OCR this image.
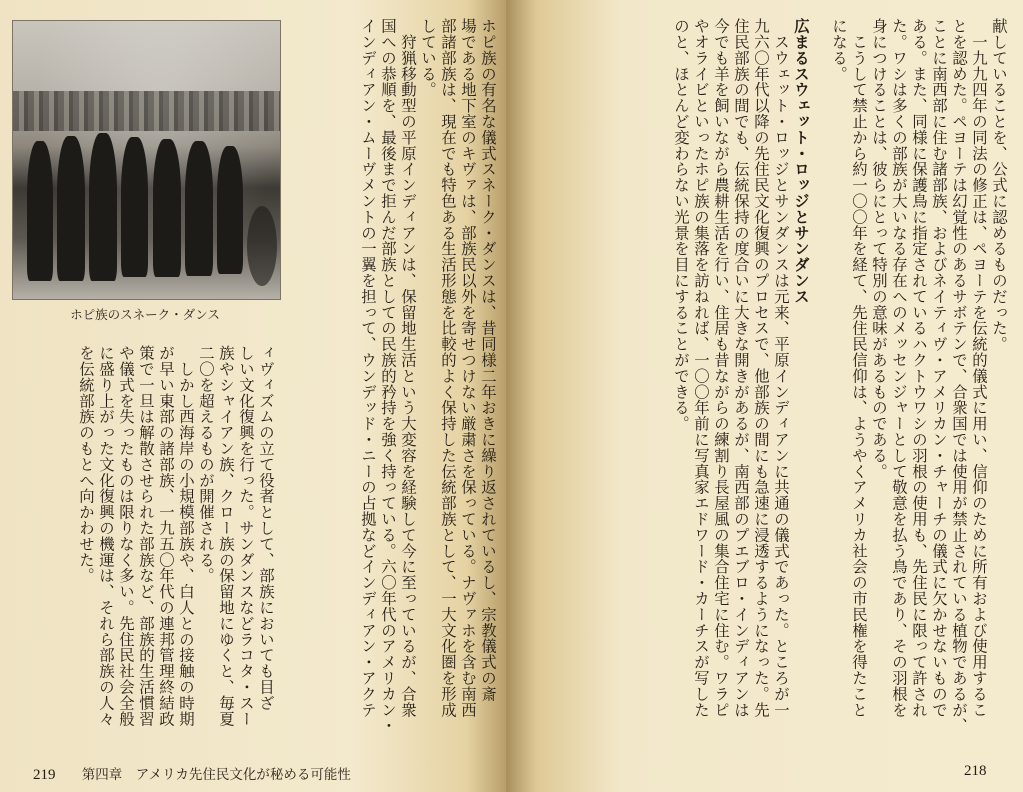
ホピ族のスネーク・ダンス	ホピ族の有名な儀式スネーク・ダンスは、昔同様二年おきに繰り返されているし、宗教儀式の斎

場である地下室のキヴァは、部族民以外を寄せつけない厳粛さを保っている。ナヴァホを含む南西

部諸部族は、現在でも特色ある生活形態を比較的よく保持した伝統部族として、一大文化圏を形成

している。

　狩猟移動型の平原インディアンは、保留地生活という大変容を経験して今に至っているが、合衆

国への恭順を、最後まで拒んだ部族としての民族的矜持を強く持っている。六〇年代のアメリカン・

インディアン・ムーヴメントの一翼を担って、ウンデッド・ニーの占拠などインディアン・アクテ

ィヴィズムの立て役者として、部族においても目ざ

しい文化復興を行った。サンダンスなどラコタ・スー

族やシャイアン族、クロー族の保留地にゆくと、毎夏

二〇を超えるものが開催される。

　しかし西海岸の小規模部族や、白人との接触の時期

が早い東部の諸部族、一九五〇年代の連邦管理終結政

策で一旦は解散させられた部族など、部族的生活慣習

や儀式を失ったものは限りなく多い。先住民社会全般

に盛り上がった文化復興の機運は、それら部族の人々

を伝統部族のもとへ向かわせた。

219 第四章　アメリカ先住民文化が秘める可能性

献していることを、公式に認めるものだった。

　一九九四年の同法の修正は、ペヨーテを伝統的儀式に用い、信仰のために所有および使用するこ

とを認めた。ペヨーテは幻覚性のあるサボテンで、合衆国では使用が禁止されている植物であるが、

ことに南西部に住む諸部族、およびネイティヴ・アメリカン・チャーチの儀式に欠かせないもので

ある。また、同様に保護鳥に指定されているハクトウワシの羽根の使用も、先住民に限って許され

た。ワシは多くの部族が大いなる存在へのメッセンジャーとして敬意を払う鳥であり、その羽根を

身につけることは、彼らにとって特別の意味があるものである。

　こうして禁止から約一〇〇年を経て、先住民信仰は、ようやくアメリカ社会の市民権を得たこと

になる。

広まるスウェット・ロッジとサンダンス

　スウェット・ロッジとサンダンスは元来、平原インディアンに共通の儀式であった。ところが一

九六〇年代以降の先住民文化復興のプロセスで、他部族の間にも急速に浸透するようになった。先

住民部族の間でも、伝統保持の度合いに大きな開きがあるが、南西部のプエブロ・インディアンは

今でも羊を飼いながら農耕生活を行い、住居も昔ながらの練割り長屋風の集合住宅に住む。ワラピ

やオライビといったホピ族の集落を訪ねれば、一〇〇年前に写真家エドワード・カーチスが写した

のと、ほとんど変わらない光景を目にすることができる。

218
